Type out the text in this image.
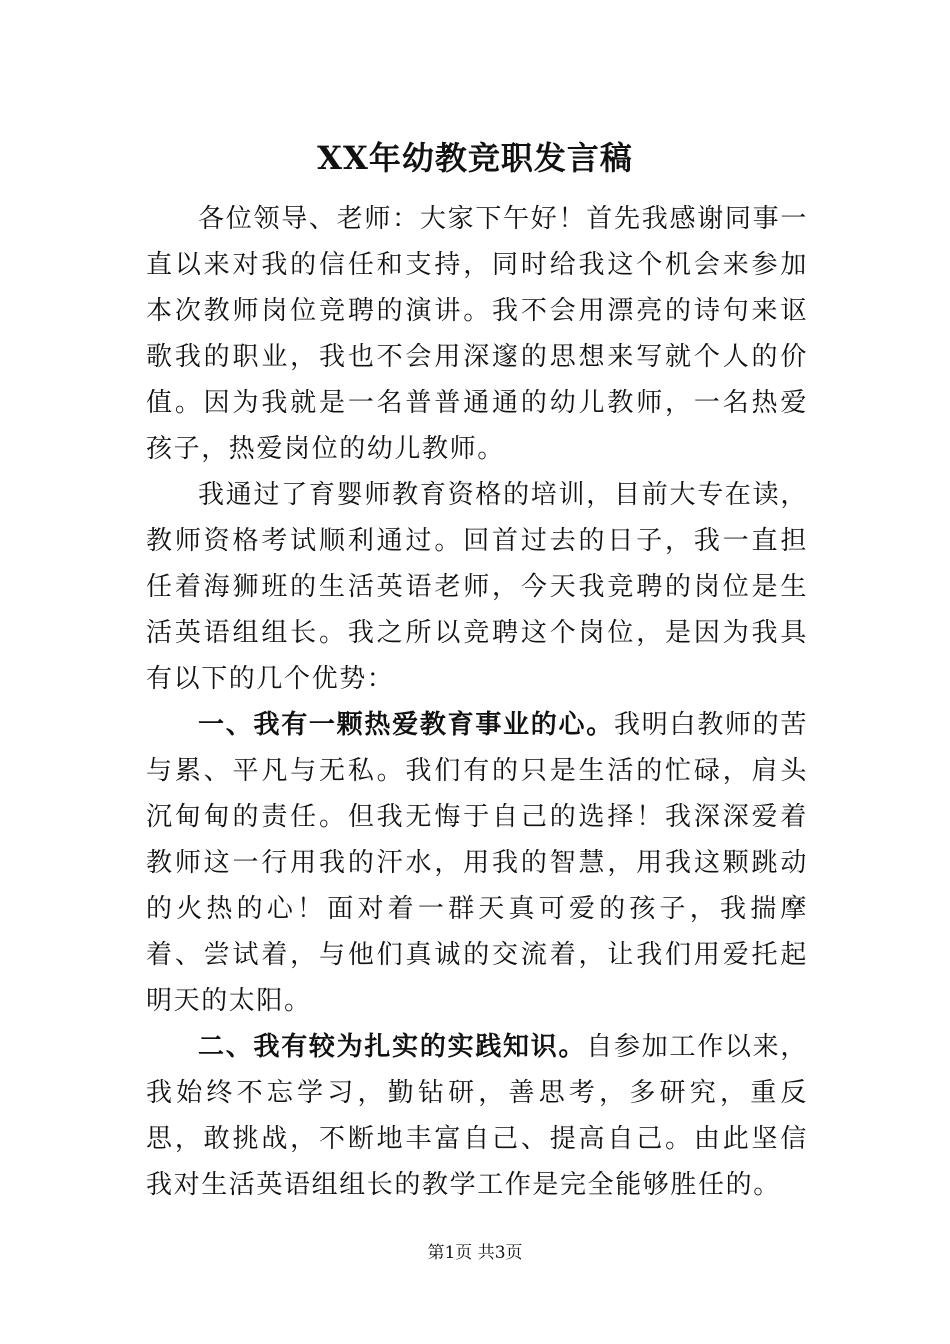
XX年幼教竞职发言稿

各位领导、老师：大家下午好！首先我感谢同事一直以来对我的信任和支持，同时给我这个机会来参加本次教师岗位竞聘的演讲。我不会用漂亮的诗句来讴歌我的职业，我也不会用深邃的思想来写就个人的价值。因为我就是一名普普通通的幼儿教师，一名热爱孩子，热爱岗位的幼儿教师。

我通过了育婴师教育资格的培训，目前大专在读，教师资格考试顺利通过。回首过去的日子，我一直担任着海狮班的生活英语老师，今天我竞聘的岗位是生活英语组组长。我之所以竞聘这个岗位，是因为我具有以下的几个优势：

一、我有一颗热爱教育事业的心。我明白教师的苦与累、平凡与无私。我们有的只是生活的忙碌，肩头沉甸甸的责任。但我无悔于自己的选择！我深深爱着教师这一行用我的汗水，用我的智慧，用我这颗跳动的火热的心！面对着一群天真可爱的孩子，我揣摩着、尝试着，与他们真诚的交流着，让我们用爱托起明天的太阳。

二、我有较为扎实的实践知识。自参加工作以来，我始终不忘学习，勤钻研，善思考，多研究，重反思，敢挑战，不断地丰富自己、提高自己。由此坚信我对生活英语组组长的教学工作是完全能够胜任的。

第1页 共3页
